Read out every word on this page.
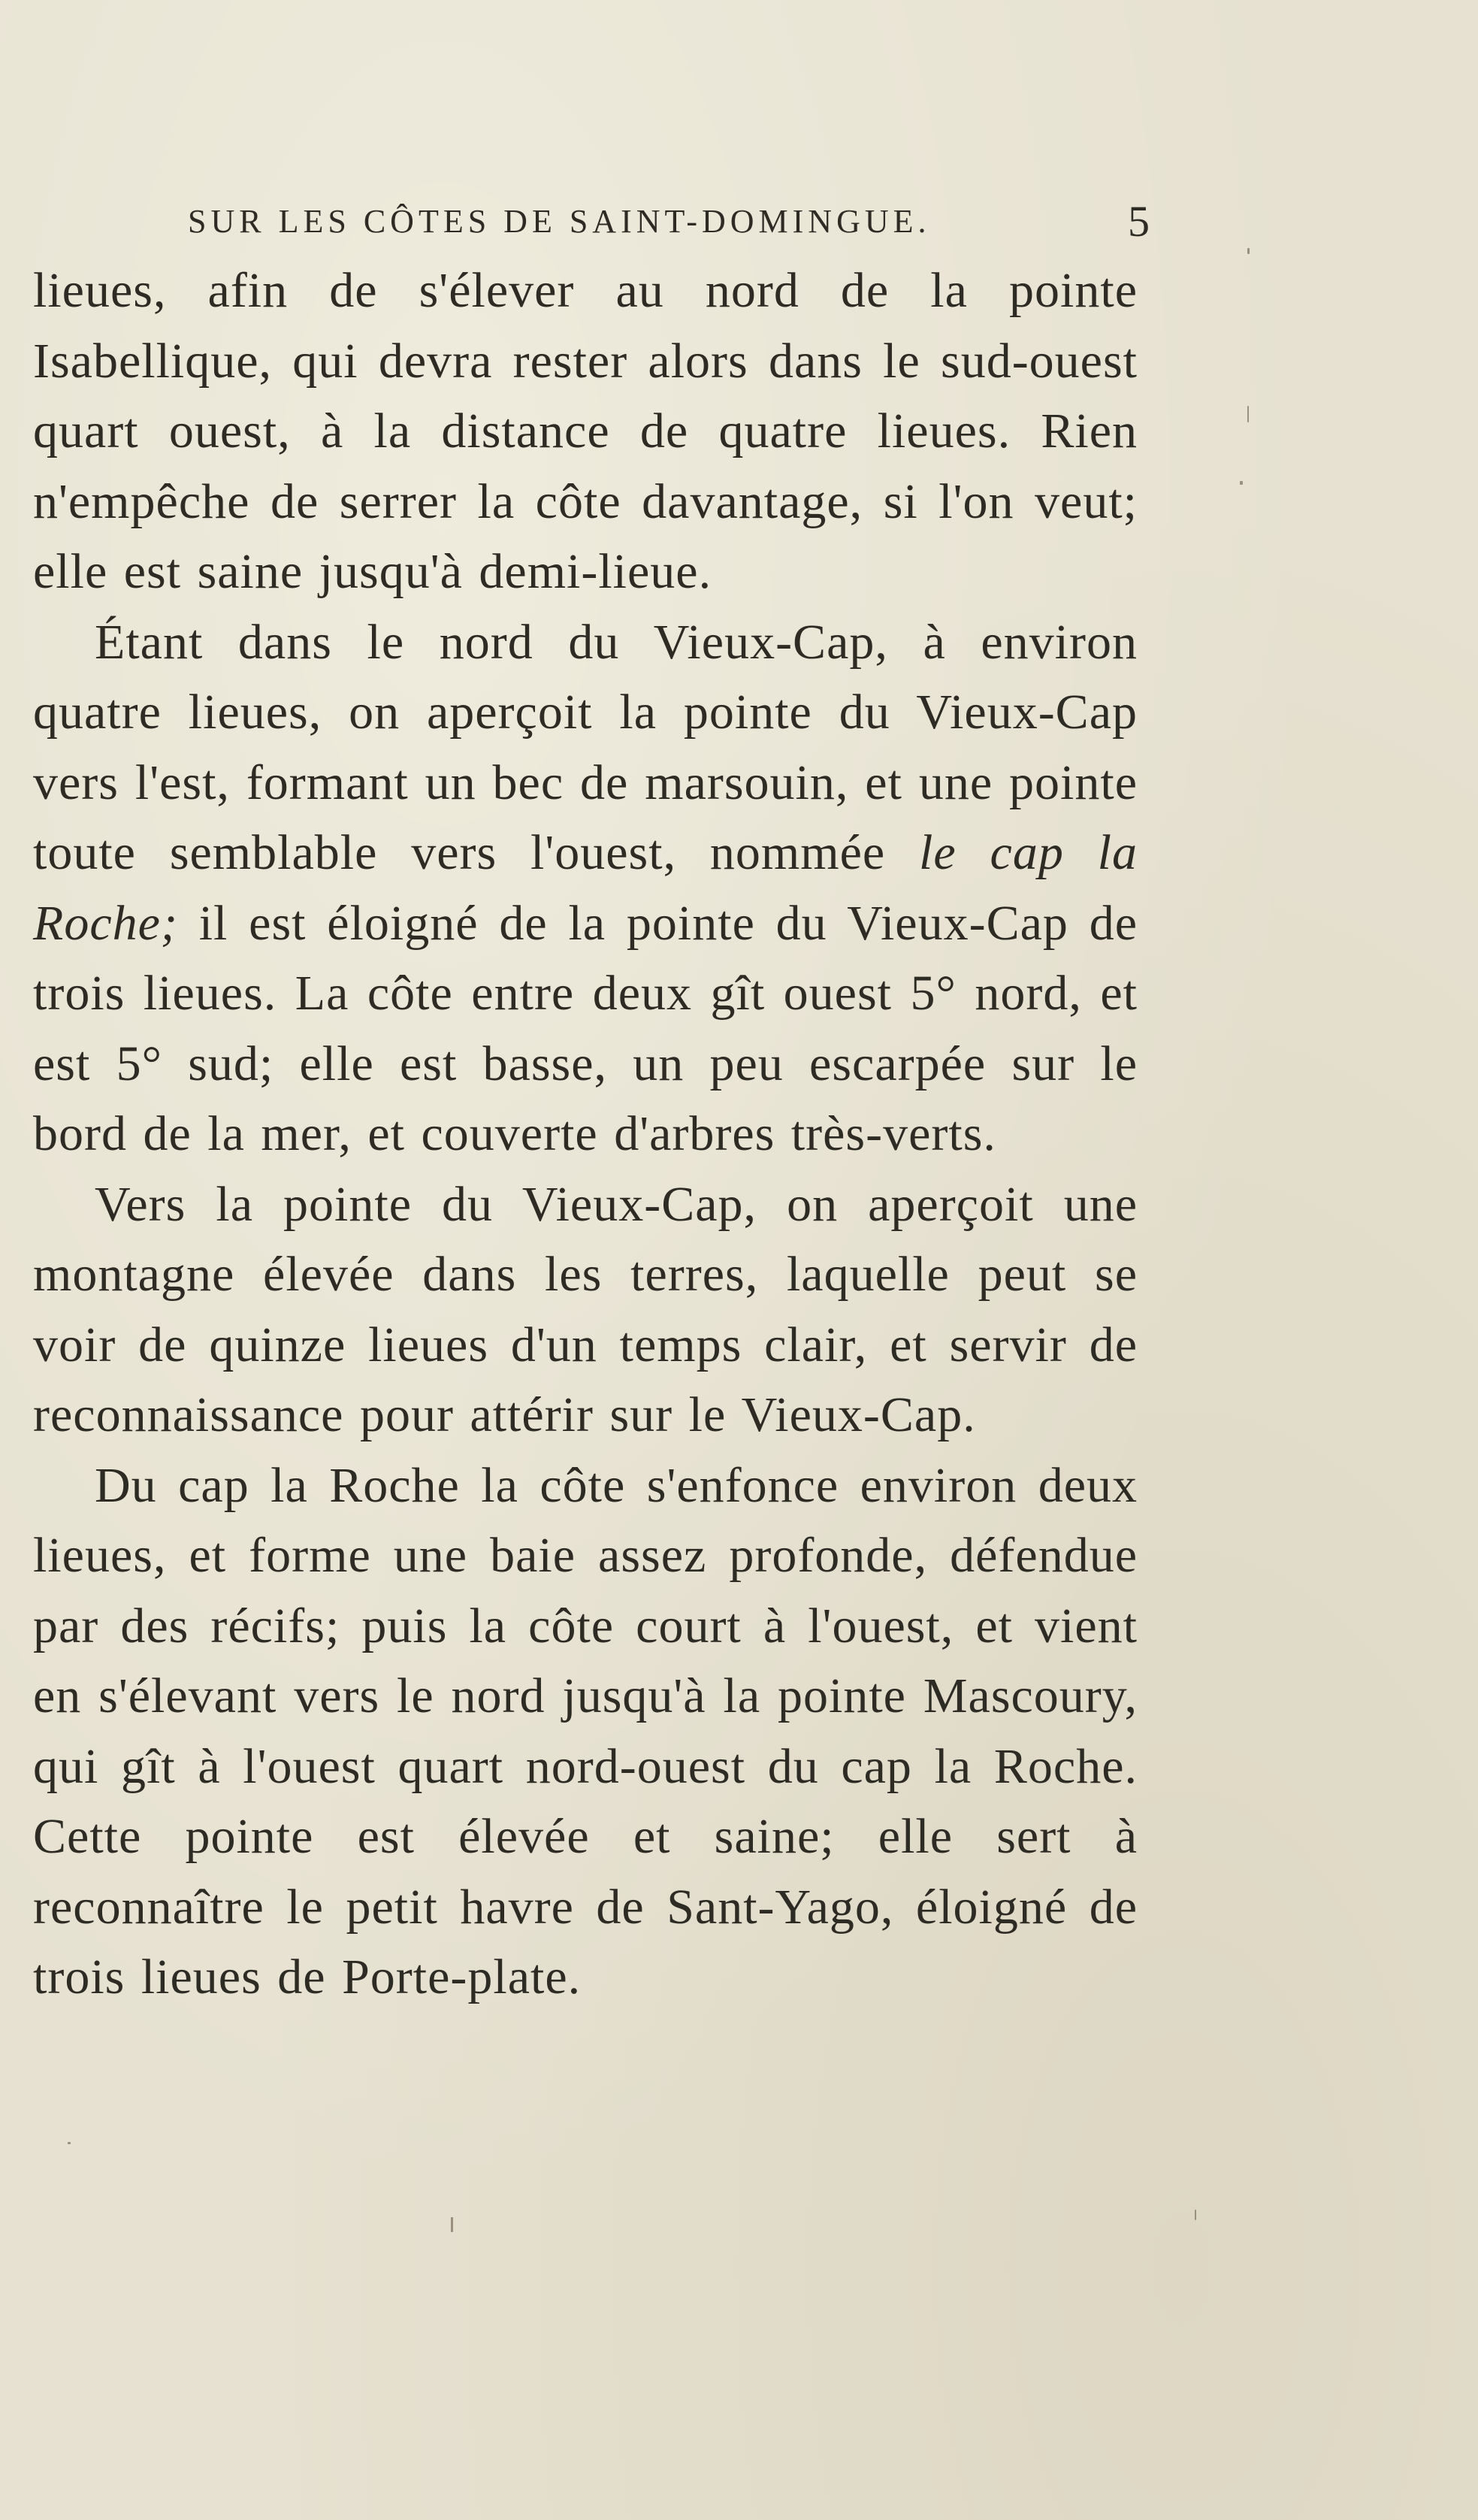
SUR LES CÔTES DE SAINT-DOMINGUE.	5

lieues, afin de s'élever au nord de la pointe Isabellique, qui devra rester alors dans le sud-ouest quart ouest, à la distance de quatre lieues. Rien n'empêche de serrer la côte davantage, si l'on veut; elle est saine jusqu'à demi-lieue.

Étant dans le nord du Vieux-Cap, à environ quatre lieues, on aperçoit la pointe du Vieux-Cap vers l'est, formant un bec de marsouin, et une pointe toute semblable vers l'ouest, nommée le cap la Roche; il est éloigné de la pointe du Vieux-Cap de trois lieues. La côte entre deux gît ouest 5° nord, et est 5° sud; elle est basse, un peu escarpée sur le bord de la mer, et couverte d'arbres très-verts.

Vers la pointe du Vieux-Cap, on aperçoit une montagne élevée dans les terres, laquelle peut se voir de quinze lieues d'un temps clair, et servir de reconnaissance pour attérir sur le Vieux-Cap.

Du cap la Roche la côte s'enfonce environ deux lieues, et forme une baie assez profonde, défendue par des récifs; puis la côte court à l'ouest, et vient en s'élevant vers le nord jusqu'à la pointe Mascoury, qui gît à l'ouest quart nord-ouest du cap la Roche. Cette pointe est élevée et saine; elle sert à reconnaître le petit havre de Sant-Yago, éloigné de trois lieues de Porte-plate.
